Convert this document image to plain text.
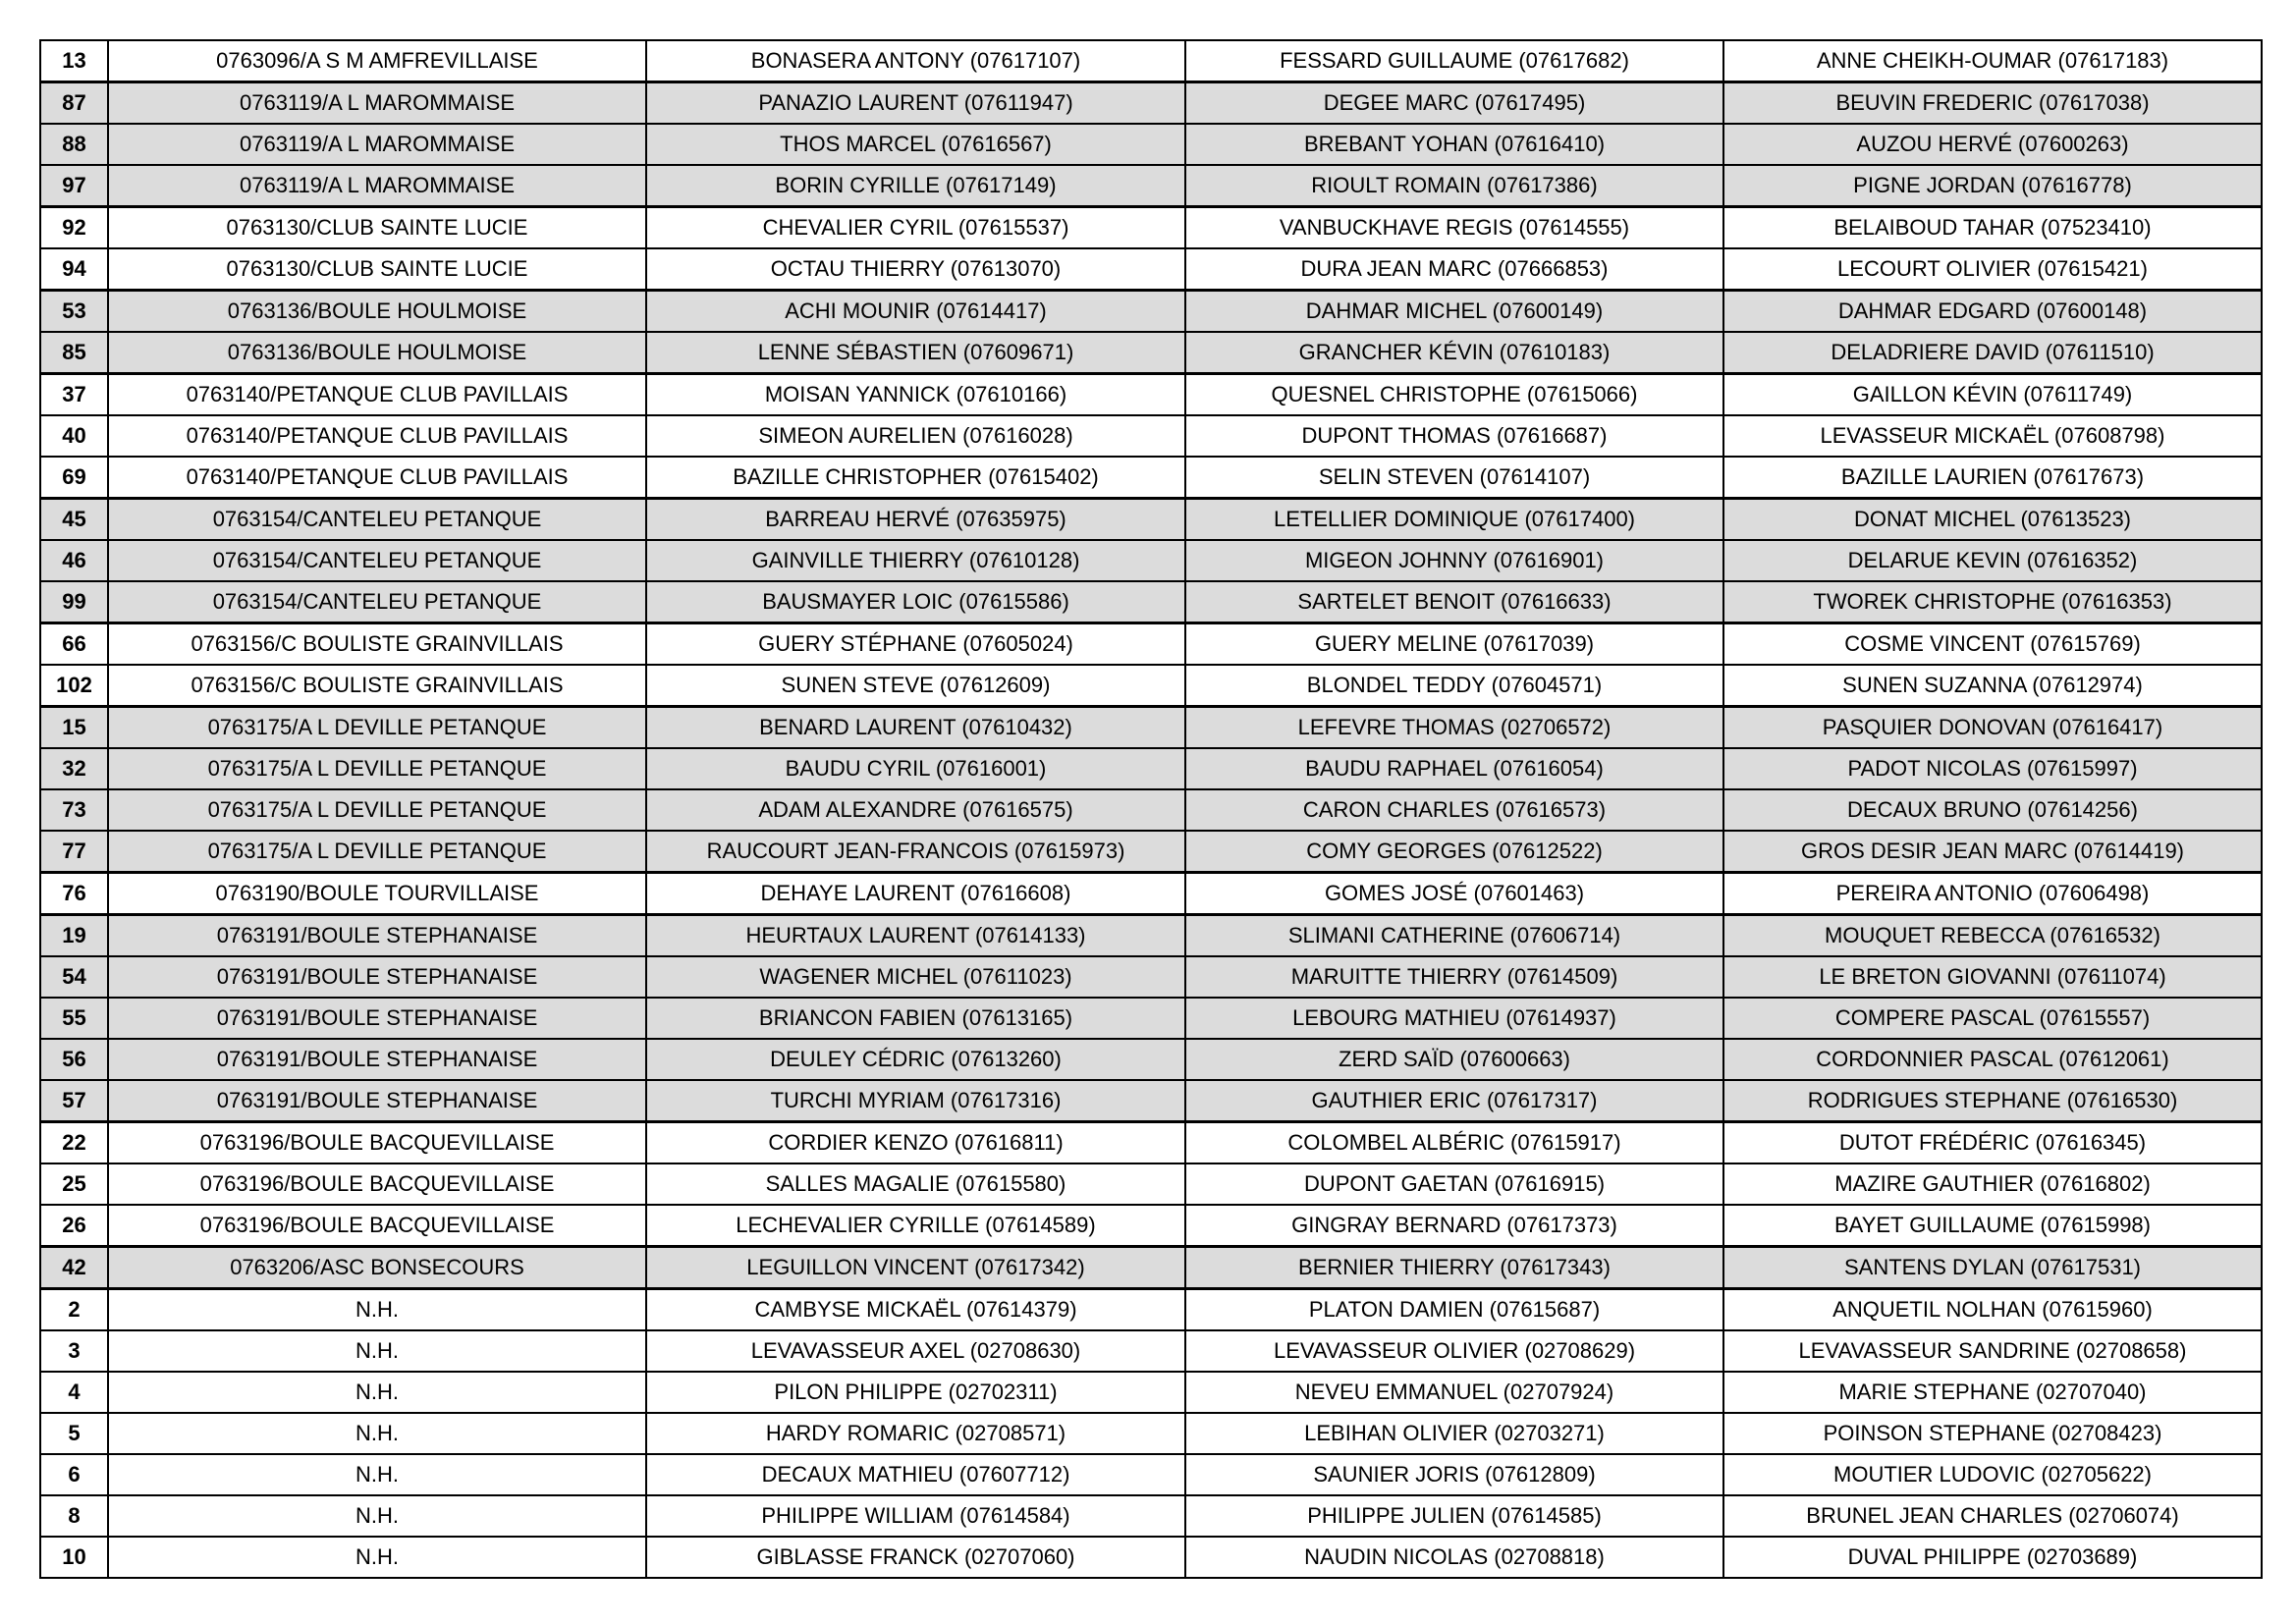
13	0763096/A S M AMFREVILLAISE	BONASERA ANTONY (07617107)	FESSARD GUILLAUME (07617682)	ANNE CHEIKH-OUMAR (07617183)
87	0763119/A L MAROMMAISE	PANAZIO LAURENT (07611947)	DEGEE MARC (07617495)	BEUVIN FREDERIC (07617038)
88	0763119/A L MAROMMAISE	THOS MARCEL (07616567)	BREBANT YOHAN (07616410)	AUZOU HERVÉ (07600263)
97	0763119/A L MAROMMAISE	BORIN CYRILLE (07617149)	RIOULT ROMAIN (07617386)	PIGNE JORDAN (07616778)
92	0763130/CLUB SAINTE LUCIE	CHEVALIER CYRIL (07615537)	VANBUCKHAVE REGIS (07614555)	BELAIBOUD TAHAR (07523410)
94	0763130/CLUB SAINTE LUCIE	OCTAU THIERRY (07613070)	DURA JEAN MARC (07666853)	LECOURT OLIVIER (07615421)
53	0763136/BOULE HOULMOISE	ACHI MOUNIR (07614417)	DAHMAR MICHEL (07600149)	DAHMAR EDGARD (07600148)
85	0763136/BOULE HOULMOISE	LENNE SÉBASTIEN (07609671)	GRANCHER KÉVIN (07610183)	DELADRIERE DAVID (07611510)
37	0763140/PETANQUE CLUB PAVILLAIS	MOISAN YANNICK (07610166)	QUESNEL CHRISTOPHE (07615066)	GAILLON KÉVIN (07611749)
40	0763140/PETANQUE CLUB PAVILLAIS	SIMEON AURELIEN (07616028)	DUPONT THOMAS (07616687)	LEVASSEUR MICKAËL (07608798)
69	0763140/PETANQUE CLUB PAVILLAIS	BAZILLE CHRISTOPHER (07615402)	SELIN STEVEN (07614107)	BAZILLE LAURIEN (07617673)
45	0763154/CANTELEU PETANQUE	BARREAU HERVÉ (07635975)	LETELLIER DOMINIQUE (07617400)	DONAT MICHEL (07613523)
46	0763154/CANTELEU PETANQUE	GAINVILLE THIERRY (07610128)	MIGEON JOHNNY (07616901)	DELARUE KEVIN (07616352)
99	0763154/CANTELEU PETANQUE	BAUSMAYER LOIC (07615586)	SARTELET BENOIT (07616633)	TWOREK CHRISTOPHE (07616353)
66	0763156/C BOULISTE GRAINVILLAIS	GUERY STÉPHANE (07605024)	GUERY MELINE (07617039)	COSME VINCENT (07615769)
102	0763156/C BOULISTE GRAINVILLAIS	SUNEN STEVE (07612609)	BLONDEL TEDDY (07604571)	SUNEN SUZANNA (07612974)
15	0763175/A L DEVILLE PETANQUE	BENARD LAURENT (07610432)	LEFEVRE THOMAS (02706572)	PASQUIER DONOVAN (07616417)
32	0763175/A L DEVILLE PETANQUE	BAUDU CYRIL (07616001)	BAUDU RAPHAEL (07616054)	PADOT NICOLAS (07615997)
73	0763175/A L DEVILLE PETANQUE	ADAM ALEXANDRE (07616575)	CARON CHARLES (07616573)	DECAUX BRUNO (07614256)
77	0763175/A L DEVILLE PETANQUE	RAUCOURT JEAN-FRANCOIS (07615973)	COMY GEORGES (07612522)	GROS DESIR JEAN MARC (07614419)
76	0763190/BOULE TOURVILLAISE	DEHAYE LAURENT (07616608)	GOMES JOSÉ (07601463)	PEREIRA ANTONIO (07606498)
19	0763191/BOULE STEPHANAISE	HEURTAUX LAURENT (07614133)	SLIMANI CATHERINE (07606714)	MOUQUET REBECCA (07616532)
54	0763191/BOULE STEPHANAISE	WAGENER MICHEL (07611023)	MARUITTE THIERRY (07614509)	LE BRETON GIOVANNI (07611074)
55	0763191/BOULE STEPHANAISE	BRIANCON FABIEN (07613165)	LEBOURG MATHIEU (07614937)	COMPERE PASCAL (07615557)
56	0763191/BOULE STEPHANAISE	DEULEY CÉDRIC (07613260)	ZERD SAÏD (07600663)	CORDONNIER PASCAL (07612061)
57	0763191/BOULE STEPHANAISE	TURCHI MYRIAM (07617316)	GAUTHIER ERIC (07617317)	RODRIGUES STEPHANE (07616530)
22	0763196/BOULE BACQUEVILLAISE	CORDIER KENZO (07616811)	COLOMBEL ALBÉRIC (07615917)	DUTOT FRÉDÉRIC (07616345)
25	0763196/BOULE BACQUEVILLAISE	SALLES MAGALIE (07615580)	DUPONT GAETAN (07616915)	MAZIRE GAUTHIER (07616802)
26	0763196/BOULE BACQUEVILLAISE	LECHEVALIER CYRILLE (07614589)	GINGRAY BERNARD (07617373)	BAYET GUILLAUME (07615998)
42	0763206/ASC BONSECOURS	LEGUILLON VINCENT (07617342)	BERNIER THIERRY (07617343)	SANTENS DYLAN (07617531)
2	N.H.	CAMBYSE MICKAËL (07614379)	PLATON DAMIEN (07615687)	ANQUETIL NOLHAN (07615960)
3	N.H.	LEVAVASSEUR AXEL (02708630)	LEVAVASSEUR OLIVIER (02708629)	LEVAVASSEUR SANDRINE (02708658)
4	N.H.	PILON PHILIPPE (02702311)	NEVEU EMMANUEL (02707924)	MARIE STEPHANE (02707040)
5	N.H.	HARDY ROMARIC (02708571)	LEBIHAN OLIVIER (02703271)	POINSON STEPHANE (02708423)
6	N.H.	DECAUX MATHIEU (07607712)	SAUNIER JORIS (07612809)	MOUTIER LUDOVIC (02705622)
8	N.H.	PHILIPPE WILLIAM (07614584)	PHILIPPE JULIEN (07614585)	BRUNEL JEAN CHARLES (02706074)
10	N.H.	GIBLASSE FRANCK (02707060)	NAUDIN NICOLAS (02708818)	DUVAL PHILIPPE (02703689)
